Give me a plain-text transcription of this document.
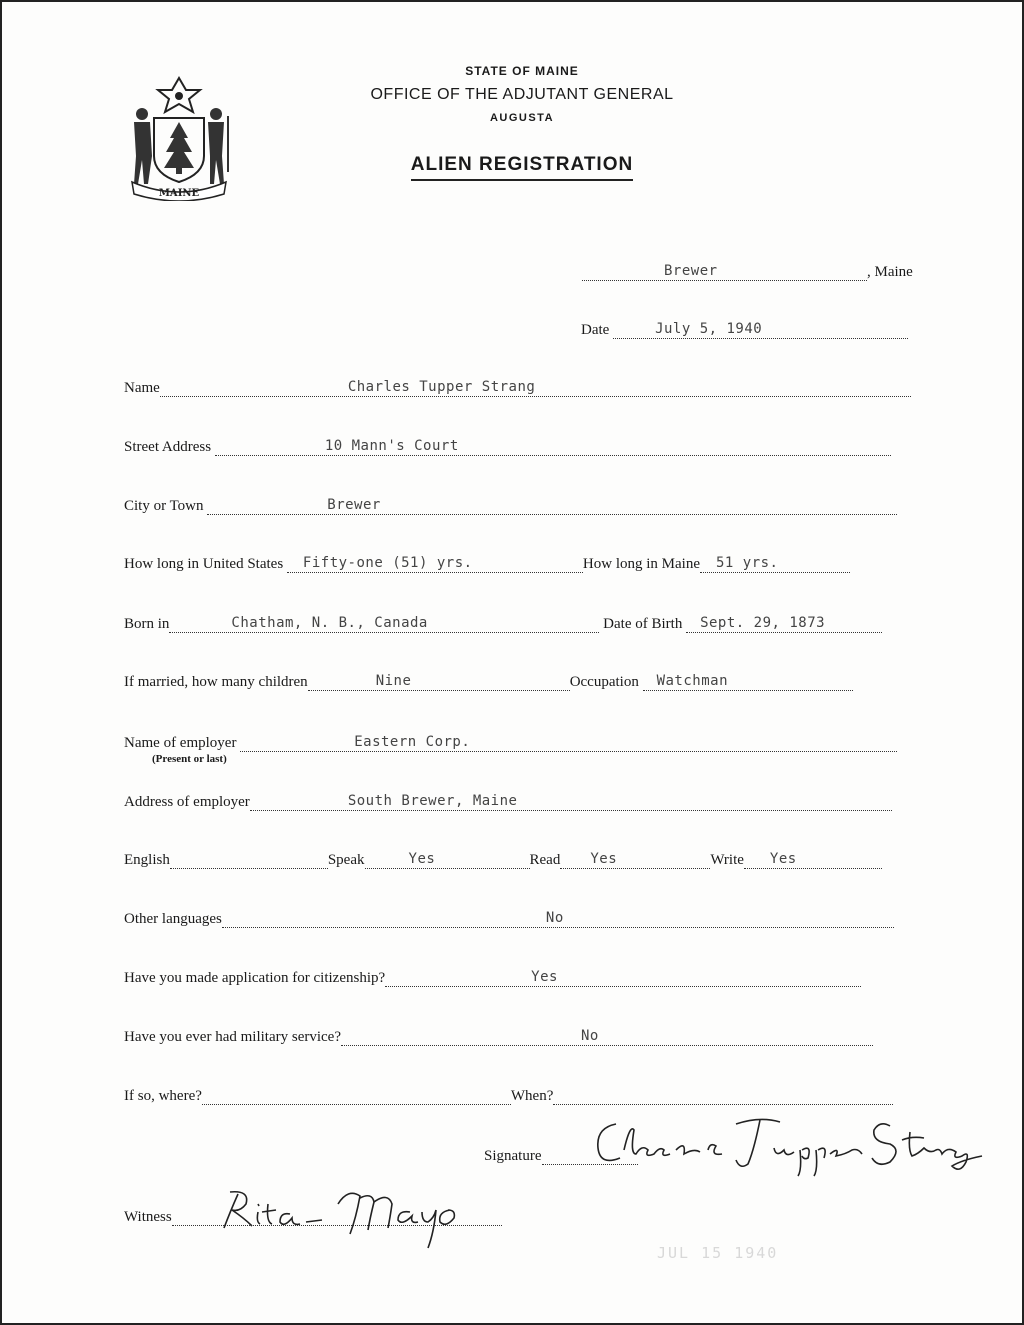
MAINE
STATE OF MAINE
OFFICE OF THE ADJUTANT GENERAL
AUGUSTA
ALIEN REGISTRATION
Brewer	, Maine
Date	July 5, 1940
Name	Charles Tupper Strang
Street Address	10 Mann's Court
City or Town	Brewer
How long in United States Fifty-one (51) yrs.	How long in Maine 51 yrs.
Born in	Chatham, N. B., Canada	Date of Birth Sept. 29, 1873
If married, how many children	Nine	Occupation Watchman
Name of employer	Eastern Corp.
(Present or last)
Address of employer	South Brewer, Maine
English	Speak	Yes	Read Yes	Write Yes
Other languages	No
Have you made application for citizenship?	Yes
Have you ever had military service?	No
If so, where?	When?
Signature
Witness
JUL 15 1940
